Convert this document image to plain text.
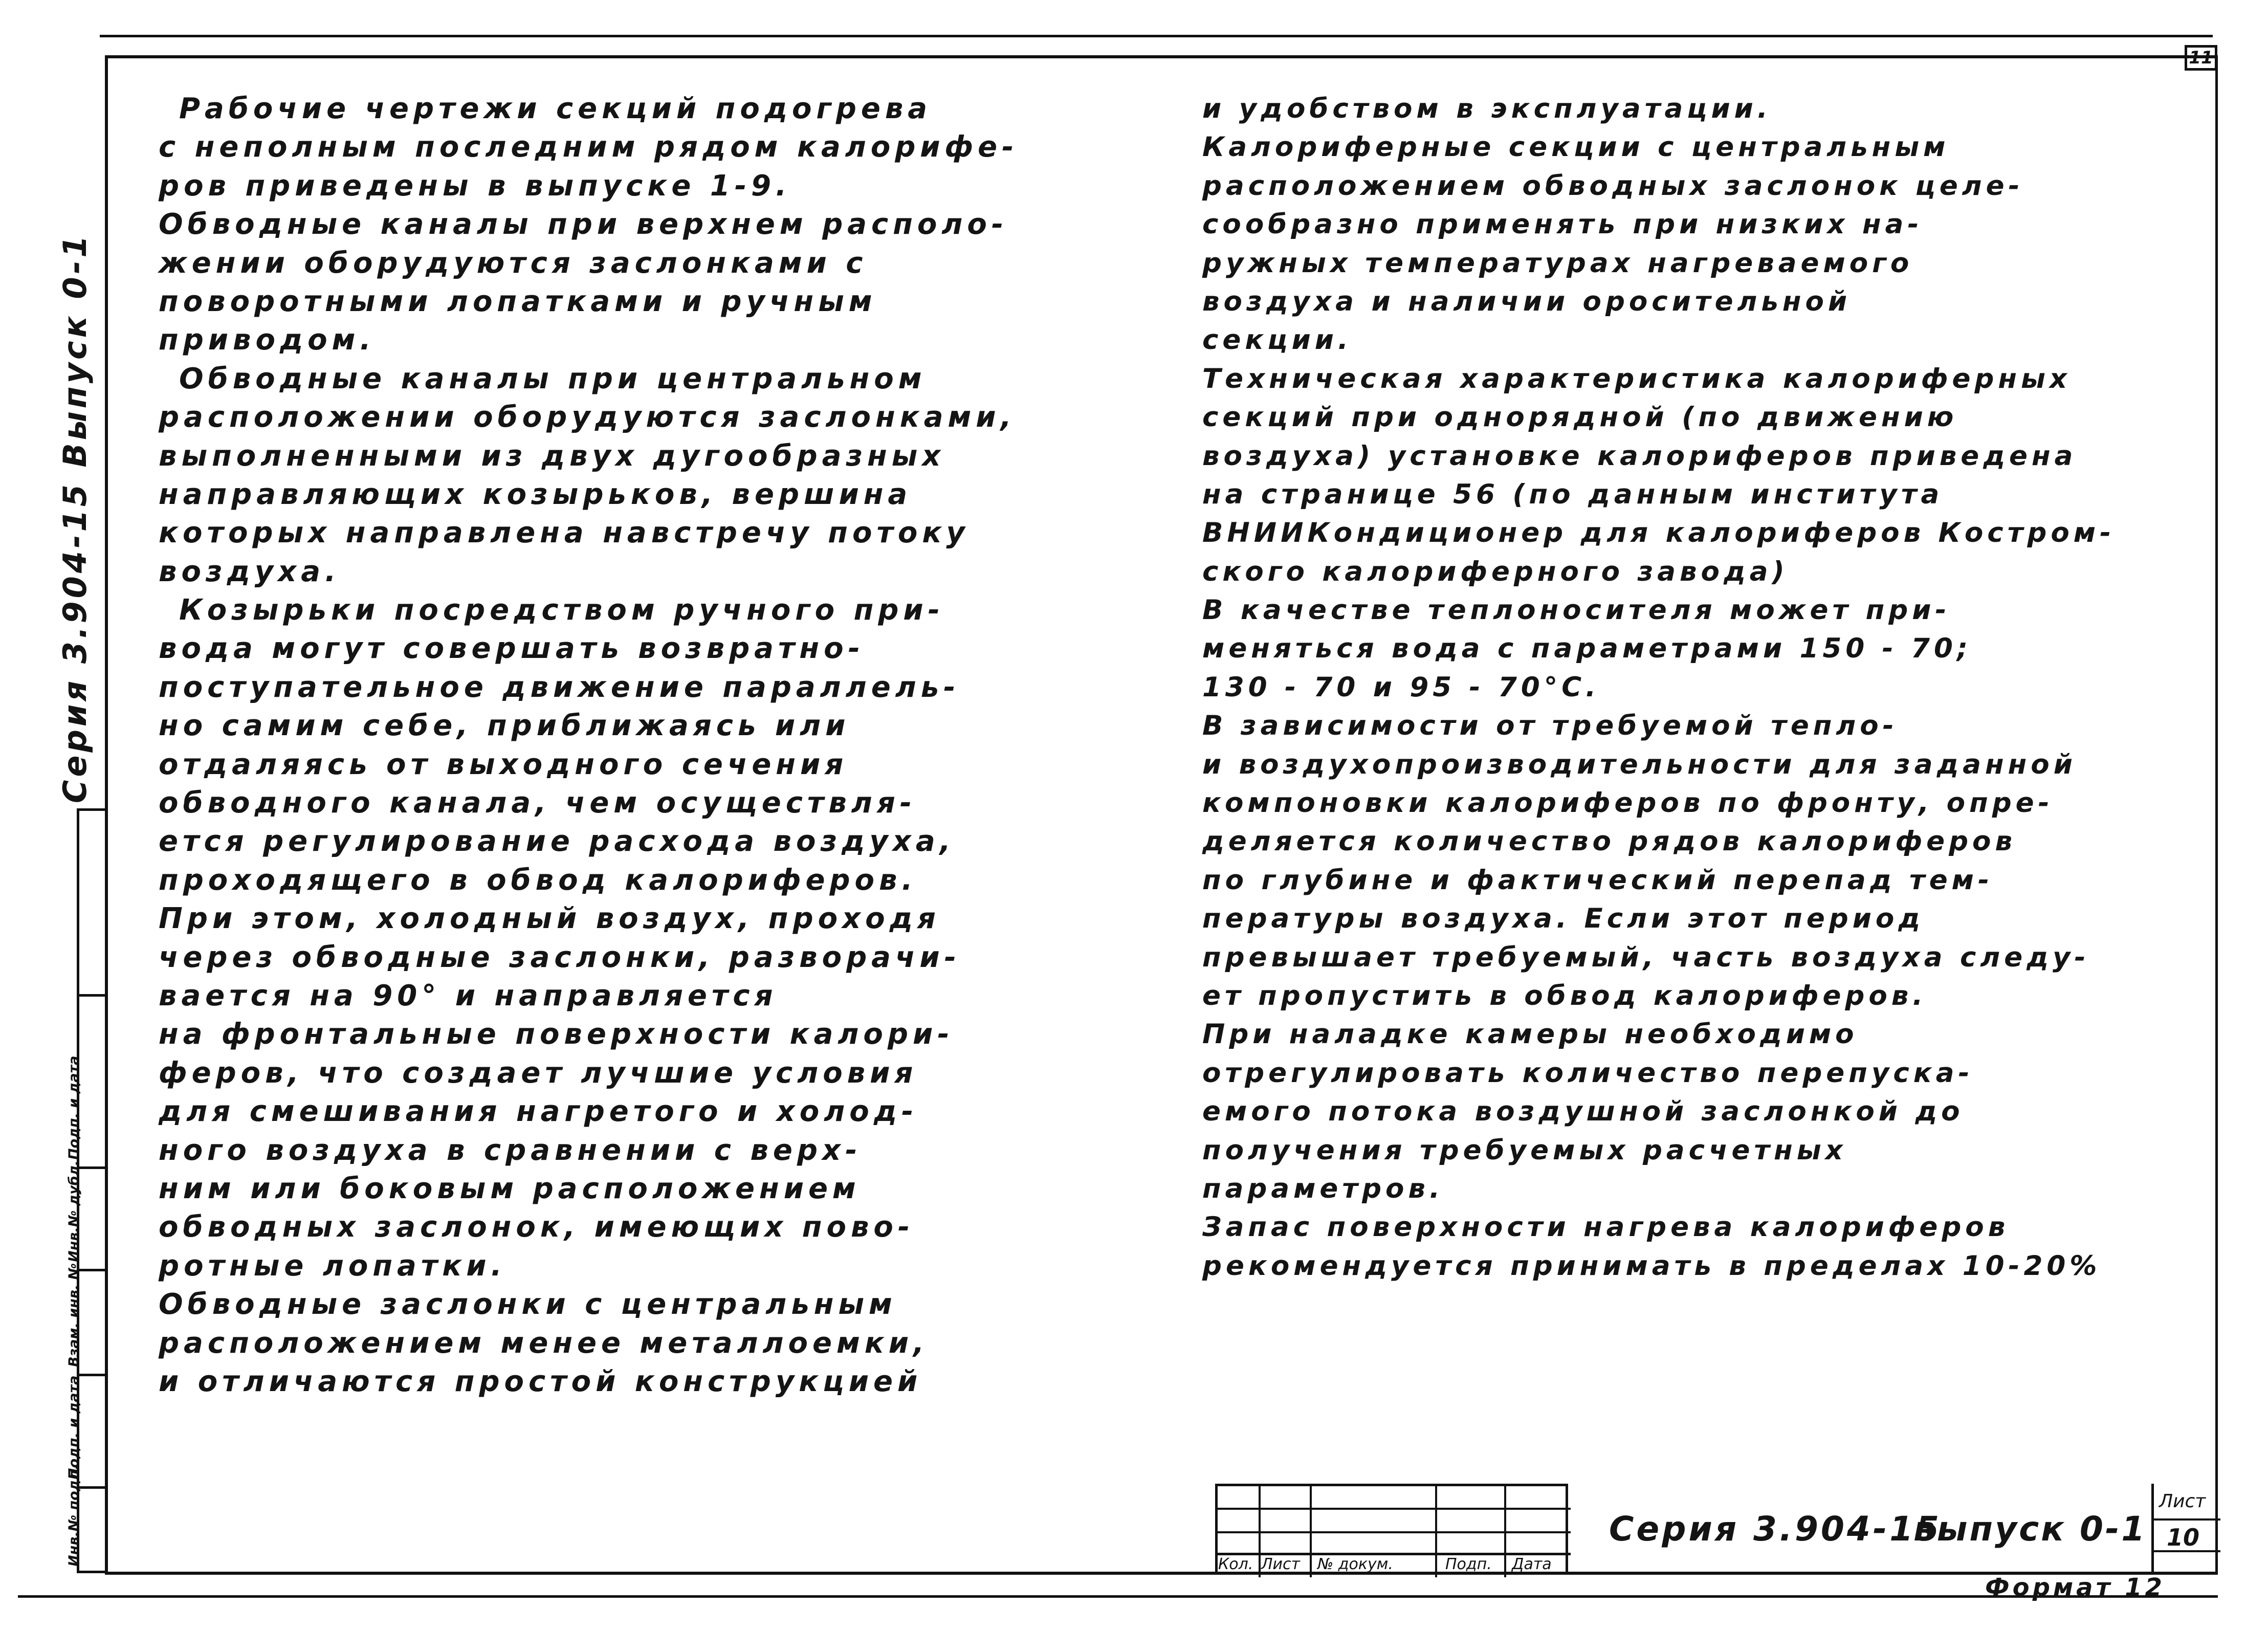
11
Серия 3.904-15 Выпуск 0-1
Инв.№ подл.
Подп. и дата
Взам. инв. №
Инв.№ дубл.
Подп. и дата
Рабочие чертежи секций подогрева
с неполным последним рядом калорифе-
ров приведены в выпуске 1-9.
Обводные каналы при верхнем располо-
жении оборудуются заслонками с
поворотными лопатками и ручным
приводом.
Обводные каналы при центральном
расположении оборудуются заслонками,
выполненными из двух дугообразных
направляющих козырьков, вершина
которых направлена навстречу потоку
воздуха.
Козырьки посредством ручного при-
вода могут совершать возвратно-
поступательное движение параллель-
но самим себе, приближаясь или
отдаляясь от выходного сечения
обводного канала, чем осуществля-
ется регулирование расхода воздуха,
проходящего в обвод калориферов.
При этом, холодный воздух, проходя
через обводные заслонки, разворачи-
вается на 90° и направляется
на фронтальные поверхности калори-
феров, что создает лучшие условия
для смешивания нагретого и холод-
ного воздуха в сравнении с верх-
ним или боковым расположением
обводных заслонок, имеющих пово-
ротные лопатки.
Обводные заслонки с центральным
расположением менее металлоемки,
и отличаются простой конструкцией
и удобством в эксплуатации.
Калориферные секции с центральным
расположением обводных заслонок целе-
сообразно применять при низких на-
ружных температурах нагреваемого
воздуха и наличии оросительной
секции.
Техническая характеристика калориферных
секций при однорядной (по движению
воздуха) установке калориферов приведена
на странице 56 (по данным института
ВНИИКондиционер для калориферов Костром-
ского калориферного завода)
В качестве теплоносителя может при-
меняться вода с параметрами 150 - 70;
130 - 70 и 95 - 70°С.
В зависимости от требуемой тепло-
и воздухопроизводительности для заданной
компоновки калориферов по фронту, опре-
деляется количество рядов калориферов
по глубине и фактический перепад тем-
пературы воздуха. Если этот период
превышает требуемый, часть воздуха следу-
ет пропустить в обвод калориферов.
При наладке камеры необходимо
отрегулировать количество перепуска-
емого потока воздушной заслонкой до
получения требуемых расчетных
параметров.
Запас поверхности нагрева калориферов
рекомендуется принимать в пределах 10-20%
Кол. Лист № докум.	Подп. Дата
Серия 3.904-15
выпуск 0-1
Лист
10
Формат 12
